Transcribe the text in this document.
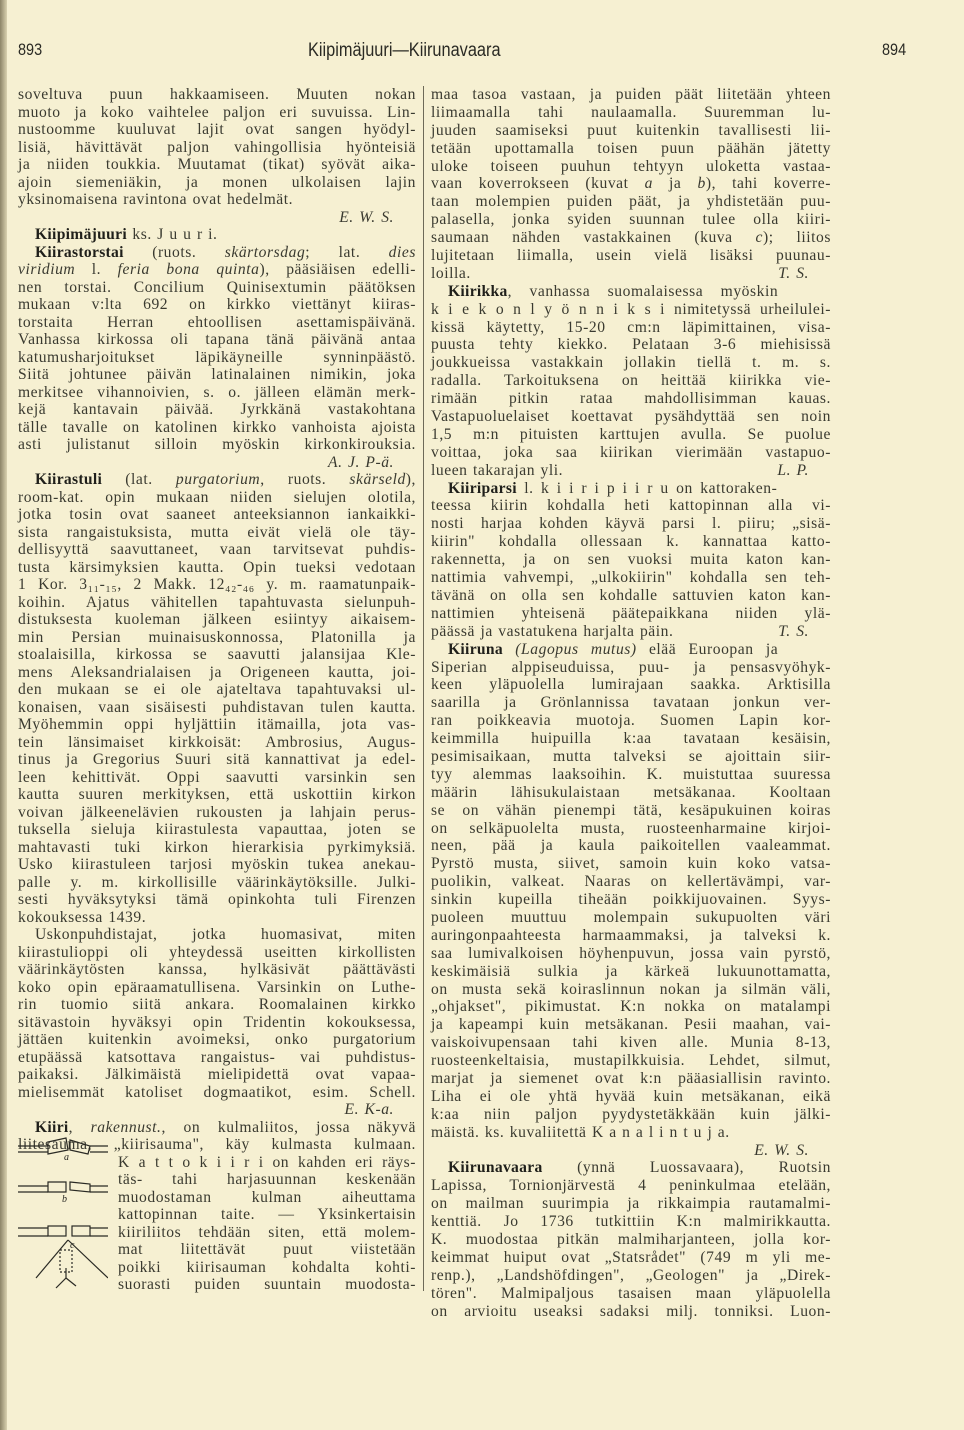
893	Kiipimäjuuri—Kiirunavaara	894
soveltuva puun hakkaamiseen. Muuten nokan
muoto ja koko vaihtelee paljon eri suvuissa. Lin-
nustoomme kuuluvat lajit ovat sangen hyödyl-
lisiä, hävittävät paljon vahingollisia hyönteisiä
ja niiden toukkia. Muutamat (tikat) syövät aika-
ajoin siemeniäkin, ja monen ulkolaisen lajin
yksinomaisena ravintona ovat hedelmät.
E. W. S.
Kiipimäjuuri ks. J u u r i.
Kiirastorstai (ruots. skärtorsdag; lat. dies
viridium l. feria bona quinta), pääsiäisen edelli-
nen torstai. Concilium Quinisextumin päätöksen
mukaan v:lta 692 on kirkko viettänyt kiiras-
torstaita Herran ehtoollisen asettamispäivänä.
Vanhassa kirkossa oli tapana tänä päivänä antaa
katumusharjoitukset läpikäyneille synninpäästö.
Siitä johtunee päivän latinalainen nimikin, joka
merkitsee vihannoivien, s. o. jälleen elämän merk-
kejä kantavain päivää. Jyrkkänä vastakohtana
tälle tavalle on katolinen kirkko vanhoista ajoista
asti julistanut silloin myöskin kirkonkirouksia.
A. J. P-ä.
Kiirastuli (lat. purgatorium, ruots. skärseld),
room-kat. opin mukaan niiden sielujen olotila,
jotka tosin ovat saaneet anteeksiannon iankaikki-
sista rangaistuksista, mutta eivät vielä ole täy-
dellisyyttä saavuttaneet, vaan tarvitsevat puhdis-
tusta kärsimyksien kautta. Opin tueksi vedotaan
1 Kor. 3₁₁-₁₅, 2 Makk. 12₄₂-₄₆ y. m. raamatunpaik-
koihin. Ajatus vähitellen tapahtuvasta sielunpuh-
distuksesta kuoleman jälkeen esiintyy aikaisem-
min Persian muinaisuskonnossa, Platonilla ja
stoalaisilla, kirkossa se saavutti jalansijaa Kle-
mens Aleksandrialaisen ja Origeneen kautta, joi-
den mukaan se ei ole ajateltava tapahtuvaksi ul-
konaisen, vaan sisäisesti puhdistavan tulen kautta.
Myöhemmin oppi hyljättiin itämailla, jota vas-
tein länsimaiset kirkkoisät: Ambrosius, Augus-
tinus ja Gregorius Suuri sitä kannattivat ja edel-
leen kehittivät. Oppi saavutti varsinkin sen
kautta suuren merkityksen, että uskottiin kirkon
voivan jälkeenelävien rukousten ja lahjain perus-
tuksella sieluja kiirastulesta vapauttaa, joten se
mahtavasti tuki kirkon hierarkisia pyrkimyksiä.
Usko kiirastuleen tarjosi myöskin tukea anekau-
palle y. m. kirkollisille väärinkäytöksille. Julki-
sesti hyväksytyksi tämä opinkohta tuli Firenzen
kokouksessa 1439.
Uskonpuhdistajat, jotka huomasivat, miten
kiirastulioppi oli yhteydessä useitten kirkollisten
väärinkäytösten kanssa, hylkäsivät päättävästi
koko opin epäraamatullisena. Varsinkin on Luthe-
rin tuomio siitä ankara. Roomalainen kirkko
sitävastoin hyväksyi opin Tridentin kokouksessa,
jättäen kuitenkin avoimeksi, onko purgatorium
etupäässä katsottava rangaistus- vai puhdistus-
paikaksi. Jälkimäistä mielipidettä ovat vapaa-
mielisemmät katoliset dogmaatikot, esim. Schell.
E. K-a.
Kiiri, rakennust., on kulmaliitos, jossa näkyvä
liitesauma, „kiirisauma", käy kulmasta kulmaan.
K a t t o k i i r i on kahden eri räys-
täs- tahi harjasuunnan keskenään
muodostaman kulman aiheuttama
kattopinnan taite. — Yksinkertaisin
kiiriliitos tehdään siten, että molem-
mat liitettävät puut viistetään
poikki kiirisauman kohdalta kohti-
suorasti puiden suuntain muodosta-
maa tasoa vastaan, ja puiden päät liitetään yhteen
liimaamalla tahi naulaamalla. Suuremman lu-
juuden saamiseksi puut kuitenkin tavallisesti lii-
tetään upottamalla toisen puun päähän jätetty
uloke toiseen puuhun tehtyyn uloketta vastaa-
vaan koverrokseen (kuvat a ja b), tahi koverre-
taan molempien puiden päät, ja yhdistetään puu-
palasella, jonka syiden suunnan tulee olla kiiri-
saumaan nähden vastakkainen (kuva c); liitos
lujitetaan liimalla, usein vielä lisäksi puunau-
T. S.
loilla.
Kiirikka, vanhassa suomalaisessa myöskin
k i e k o n l y ö n n i k s i nimitetyssä urheilulei-
kissä käytetty, 15-20 cm:n läpimittainen, visa-
puusta tehty kiekko. Pelataan 3-6 miehisissä
joukkueissa vastakkain jollakin tiellä t. m. s.
radalla. Tarkoituksena on heittää kiirikka vie-
rimään pitkin rataa mahdollisimman kauas.
Vastapuoluelaiset koettavat pysähdyttää sen noin
1,5 m:n pituisten karttujen avulla. Se puolue
voittaa, joka saa kiirikan vierimään vastapuo-
L. P.
lueen takarajan yli.
Kiiriparsi l. k i i r i p i i r u on kattoraken-
teessa kiirin kohdalla heti kattopinnan alla vi-
nosti harjaa kohden käyvä parsi l. piiru; „sisä-
kiirin" kohdalla ollessaan k. kannattaa katto-
rakennetta, ja on sen vuoksi muita katon kan-
nattimia vahvempi, „ulkokiirin" kohdalla sen teh-
tävänä on olla sen kohdalle sattuvien katon kan-
nattimien yhteisenä päätepaikkana niiden ylä-
T. S.
päässä ja vastatukena harjalta päin.
Kiiruna (Lagopus mutus) elää Euroopan ja
Siperian alppiseuduissa, puu- ja pensasvyöhyk-
keen yläpuolella lumirajaan saakka. Arktisilla
saarilla ja Grönlannissa tavataan jonkun ver-
ran poikkeavia muotoja. Suomen Lapin kor-
keimmilla huipuilla k:aa tavataan kesäisin,
pesimisaikaan, mutta talveksi se ajoittain siir-
tyy alemmas laaksoihin. K. muistuttaa suuressa
määrin lähisukulaistaan metsäkanaa. Kooltaan
se on vähän pienempi tätä, kesäpukuinen koiras
on selkäpuolelta musta, ruosteenharmaine kirjoi-
neen, pää ja kaula paikoitellen vaaleammat.
Pyrstö musta, siivet, samoin kuin koko vatsa-
puolikin, valkeat. Naaras on kellertävämpi, var-
sinkin kupeilla tiheään poikkijuovainen. Syys-
puoleen muuttuu molempain sukupuolten väri
auringonpaahteesta harmaammaksi, ja talveksi k.
saa lumivalkoisen höyhenpuvun, jossa vain pyrstö,
keskimäisiä sulkia ja kärkeä lukuunottamatta,
on musta sekä koiraslinnun nokan ja silmän väli,
„ohjakset", pikimustat. K:n nokka on matalampi
ja kapeampi kuin metsäkanan. Pesii maahan, vai-
vaiskoivupensaan tahi kiven alle. Munia 8-13,
ruosteenkeltaisia, mustapilkkuisia. Lehdet, silmut,
marjat ja siemenet ovat k:n pääasiallisin ravinto.
Liha ei ole yhtä hyvää kuin metsäkanan, eikä
k:aa niin paljon pyydystetäkkään kuin jälki-
mäistä. ks. kuvaliitettä K a n a l i n t u j a.
E. W. S.
Kiirunavaara (ynnä Luossavaara), Ruotsin
Lapissa, Tornionjärvestä 4 peninkulmaa etelään,
on mailman suurimpia ja rikkaimpia rautamalmi-
kenttiä. Jo 1736 tutkittiin K:n malmirikkautta.
K. muodostaa pitkän malmiharjanteen, jolla kor-
keimmat huiput ovat „Statsrådet" (749 m yli me-
renp.), „Landshöfdingen", „Geologen" ja „Direk-
tören". Malmipaljous tasaisen maan yläpuolella
on arvioitu useaksi sadaksi milj. tonniksi. Luon-
a
b
c
